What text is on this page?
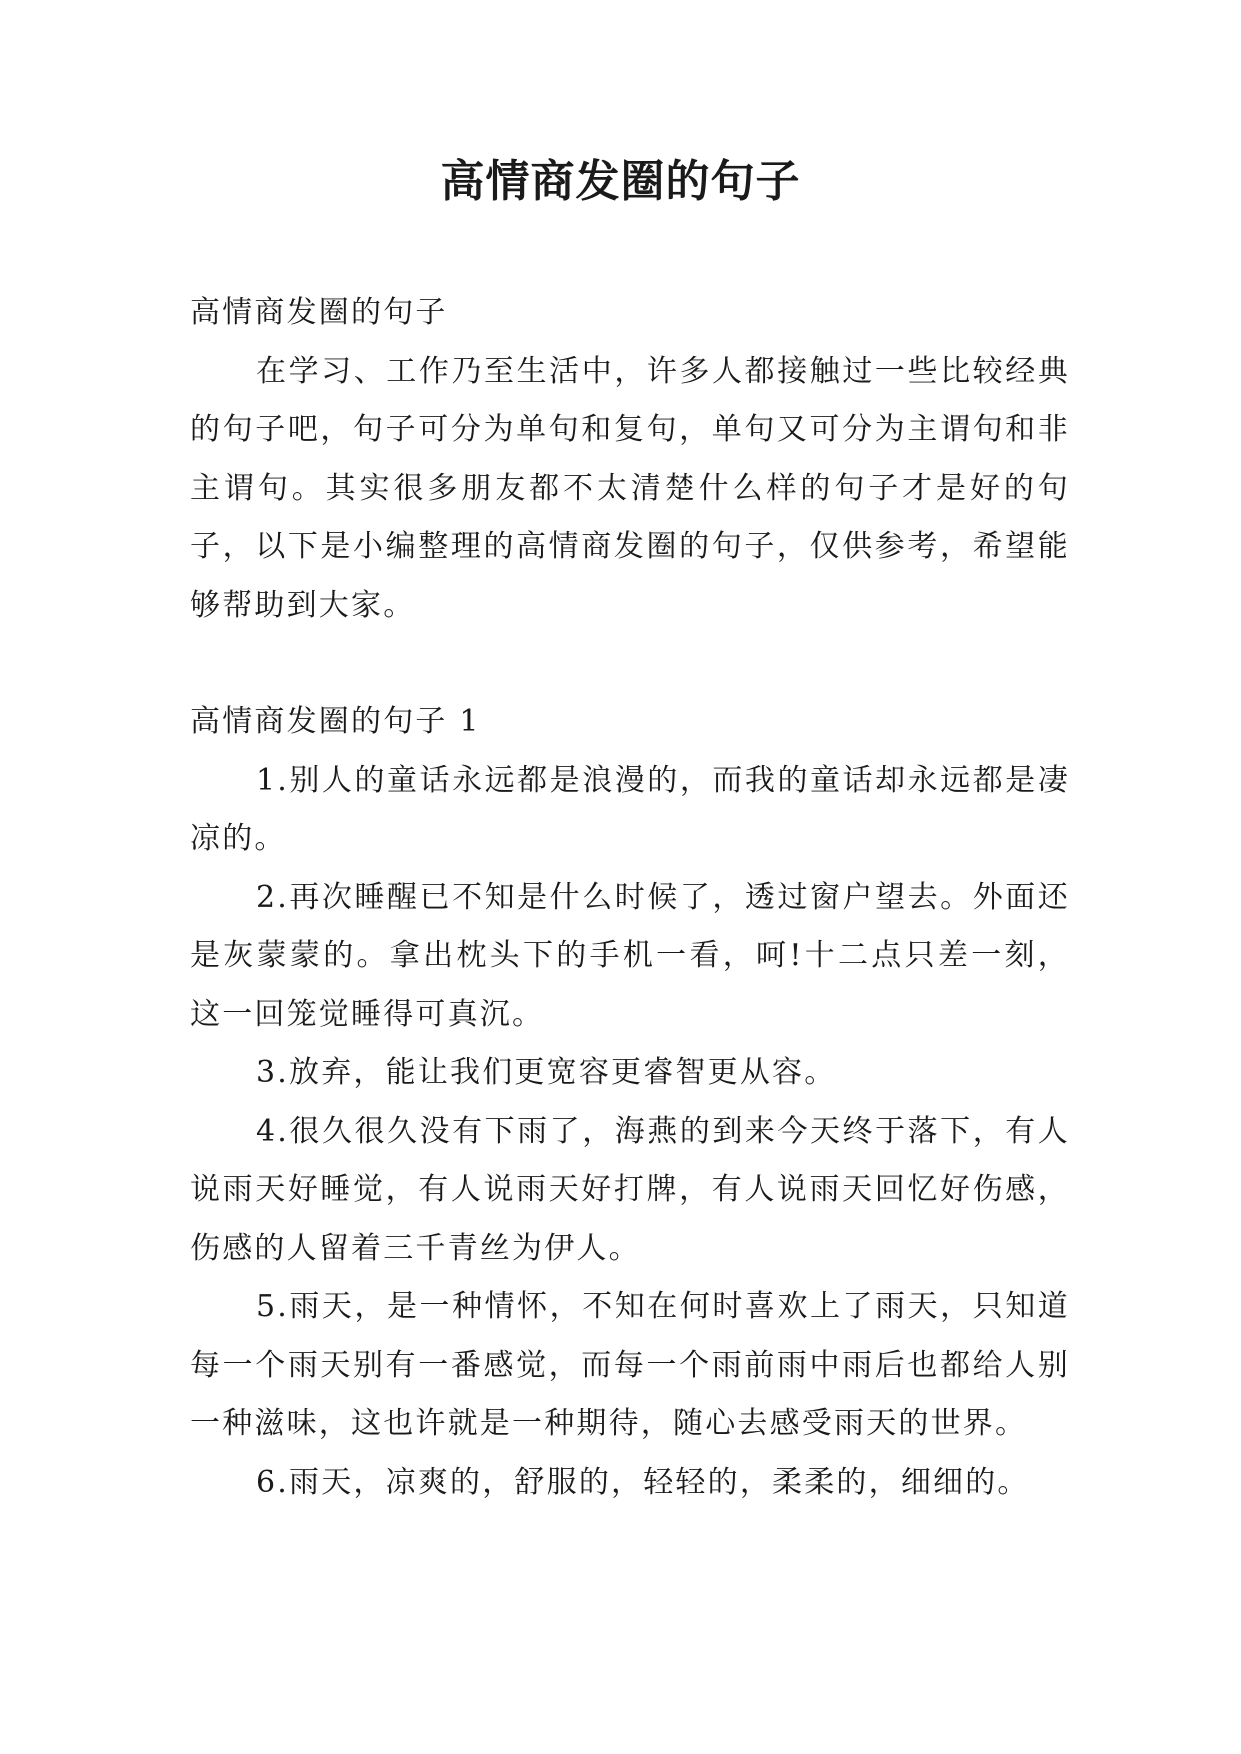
高情商发圈的句子

高情商发圈的句子

在学习、工作乃至生活中，许多人都接触过一些比较经典的句子吧，句子可分为单句和复句，单句又可分为主谓句和非主谓句。其实很多朋友都不太清楚什么样的句子才是好的句子，以下是小编整理的高情商发圈的句子，仅供参考，希望能够帮助到大家。

高情商发圈的句子 1

1.别人的童话永远都是浪漫的，而我的童话却永远都是凄凉的。

2.再次睡醒已不知是什么时候了，透过窗户望去。外面还是灰蒙蒙的。拿出枕头下的手机一看，呵!十二点只差一刻，这一回笼觉睡得可真沉。

3.放弃，能让我们更宽容更睿智更从容。

4.很久很久没有下雨了，海燕的到来今天终于落下，有人说雨天好睡觉，有人说雨天好打牌，有人说雨天回忆好伤感，伤感的人留着三千青丝为伊人。

5.雨天，是一种情怀，不知在何时喜欢上了雨天，只知道每一个雨天别有一番感觉，而每一个雨前雨中雨后也都给人别一种滋味，这也许就是一种期待，随心去感受雨天的世界。

6.雨天，凉爽的，舒服的，轻轻的，柔柔的，细细的。
